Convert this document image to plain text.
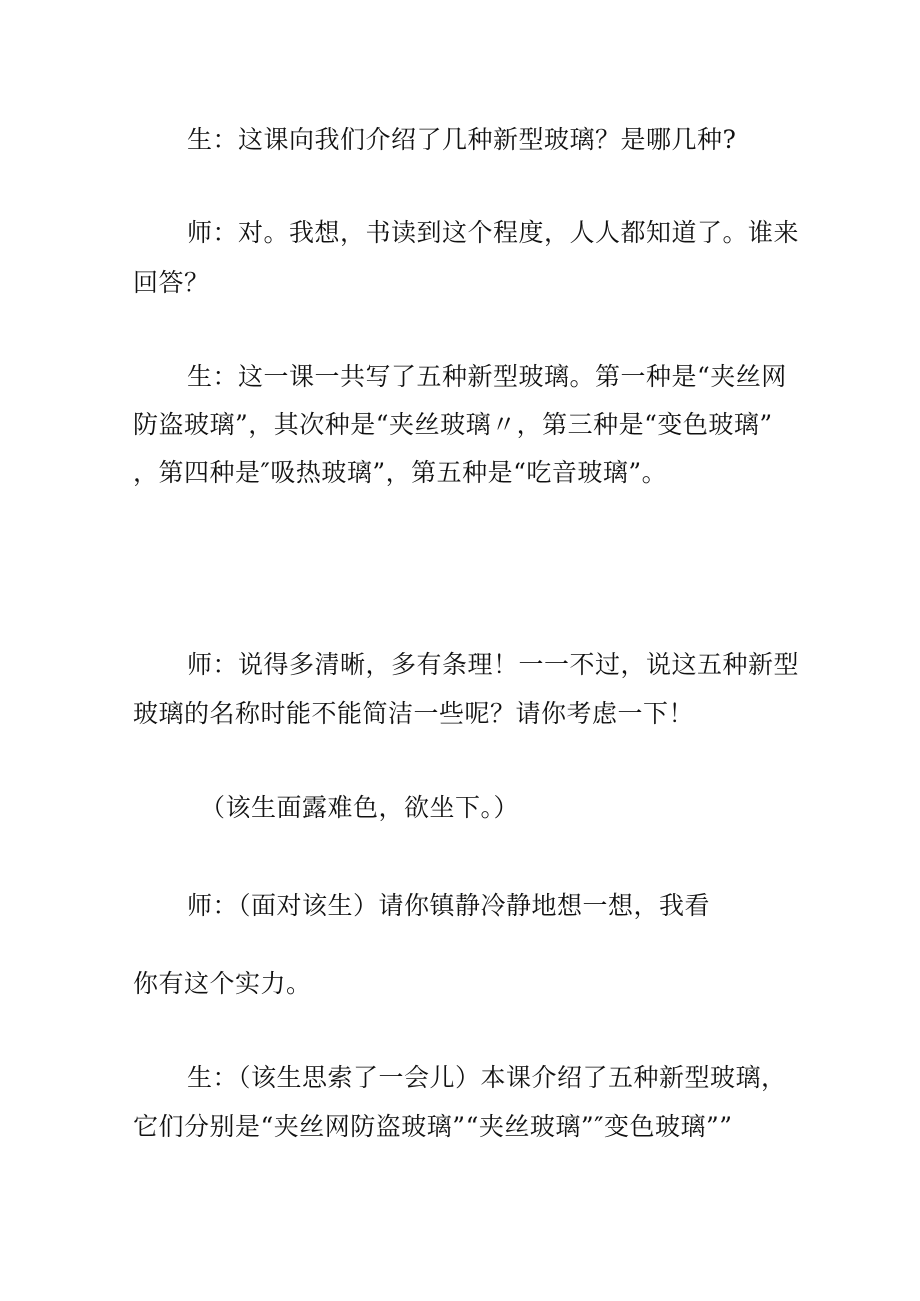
生：这课向我们介绍了几种新型玻璃？是哪几种?
师：对。我想，书读到这个程度，人人都知道了。谁来
回答？
生：这一课一共写了五种新型玻璃。第一种是“夹丝网
防盗玻璃”，其次种是“夹丝玻璃〃，第三种是“变色玻璃”
，第四种是″吸热玻璃”，第五种是“吃音玻璃”。
师：说得多清晰，多有条理！一一不过，说这五种新型
玻璃的名称时能不能简洁一些呢？请你考虑一下！
（该生面露难色，欲坐下。）
师：（面对该生）请你镇静冷静地想一想，我看
你有这个实力。
生：（该生思索了一会儿）本课介绍了五种新型玻璃，
它们分别是“夹丝网防盗玻璃”“夹丝玻璃”″变色玻璃””
